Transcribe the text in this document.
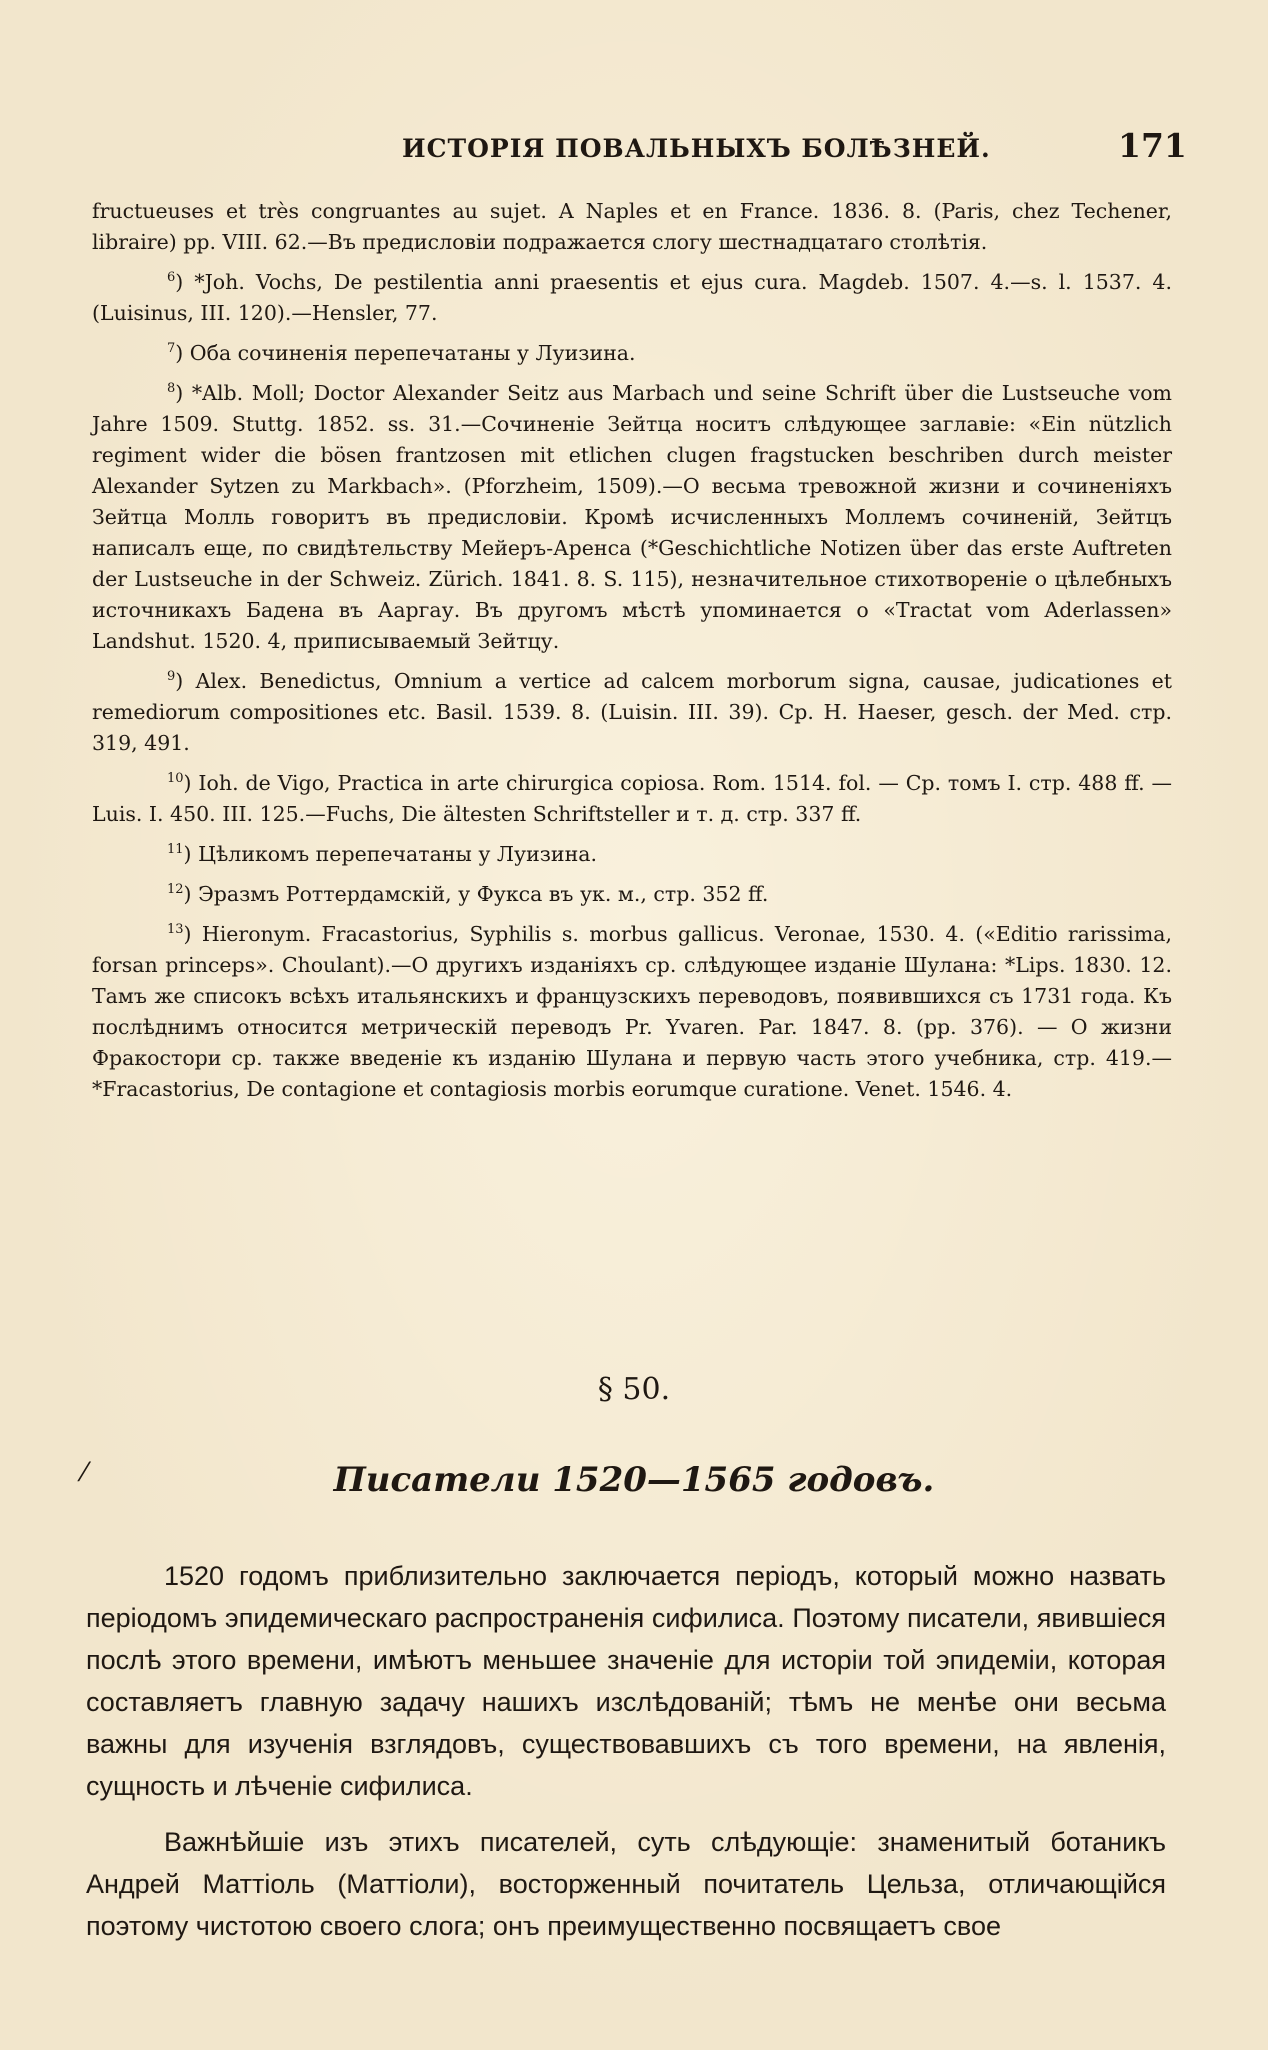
ИСТОРІЯ ПОВАЛЬНЫХЪ БОЛѢЗНЕЙ.	171

fructueuses et très congruantes au sujet. A Naples et en France. 1836. 8. (Paris, chez Techener, libraire) pp. VIII. 62.—Въ предисловіи подражается слогу шестнадцатаго столѣтія.

$^6$) *Joh. Vochs, De pestilentia anni praesentis et ejus cura. Magdeb. 1507. 4.—s. l. 1537. 4. (Luisinus, III. 120).—Hensler, 77.

$^7$) Оба сочиненія перепечатаны у Луизина.

$^8$) *Alb. Moll; Doctor Alexander Seitz aus Marbach und seine Schrift über die Lustseuche vom Jahre 1509. Stuttg. 1852. ss. 31.—Сочиненіе Зейтца носитъ слѣдующее заглавіе: «Ein nützlich regiment wider die bösen frantzosen mit etlichen clugen fragstucken beschriben durch meister Alexander Sytzen zu Markbach». (Pforzheim, 1509).—О весьма тревожной жизни и сочиненіяхъ Зейтца Молль говоритъ въ предисловіи. Кромѣ исчисленныхъ Моллемъ сочиненій, Зейтцъ написалъ еще, по свидѣтельству Мейеръ-Аренса (*Geschichtliche Notizen über das erste Auftreten der Lustseuche in der Schweiz. Zürich. 1841. 8. S. 115), незначительное стихотвореніе о цѣлебныхъ источникахъ Бадена въ Ааргау. Въ другомъ мѣстѣ упоминается о «Tractat vom Aderlassen» Landshut. 1520. 4, приписываемый Зейтцу.

$^9$) Alex. Benedictus, Omnium a vertice ad calcem morborum signa, causae, judicationes et remediorum compositiones etc. Basil. 1539. 8. (Luisin. III. 39). Ср. H. Haeser, gesch. der Med. стр. 319, 491.

$^{10}$) Ioh. de Vigo, Practica in arte chirurgica copiosa. Rom. 1514. fol. — Ср. томъ I. стр. 488 ff. — Luis. I. 450. III. 125.—Fuchs, Die ältesten Schriftsteller и т. д. стр. 337 ff.

$^{11}$) Цѣликомъ перепечатаны у Луизина.

$^{12}$) Эразмъ Роттердамскій, у Фукса въ ук. м., стр. 352 ff.

$^{13}$) Hieronym. Fracastorius, Syphilis s. morbus gallicus. Veronae, 1530. 4. («Editio rarissima, forsan princeps». Choulant).—О другихъ изданіяхъ ср. слѣдующее изданіе Шулана: *Lips. 1830. 12. Тамъ же списокъ всѣхъ итальянскихъ и французскихъ переводовъ, появившихся съ 1731 года. Къ послѣднимъ относится метрическій переводъ Pr. Yvaren. Par. 1847. 8. (pp. 376). — О жизни Фракостори ср. также введеніе къ изданію Шулана и первую часть этого учебника, стр. 419.—*Fracastorius, De contagione et contagiosis morbis eorumque curatione. Venet. 1546. 4.

§ 50.
⁄	Писатели 1520—1565 годовъ.

1520 годомъ приблизительно заключается періодъ, который можно назвать періодомъ эпидемическаго распространенія сифилиса. Поэтому писатели, явившіеся послѣ этого времени, имѣютъ меньшее значеніе для исторіи той эпидеміи, которая составляетъ главную задачу нашихъ изслѣдованій; тѣмъ не менѣе они весьма важны для изученія взглядовъ, существовавшихъ съ того времени, на явленія, сущность и лѣченіе сифилиса.

Важнѣйшіе изъ этихъ писателей, суть слѣдующіе: знаменитый ботаникъ Андрей Маттіоль (Маттіоли), восторженный почитатель Цельза, отличающійся поэтому чистотою своего слога; онъ преимущественно посвящаетъ свое
